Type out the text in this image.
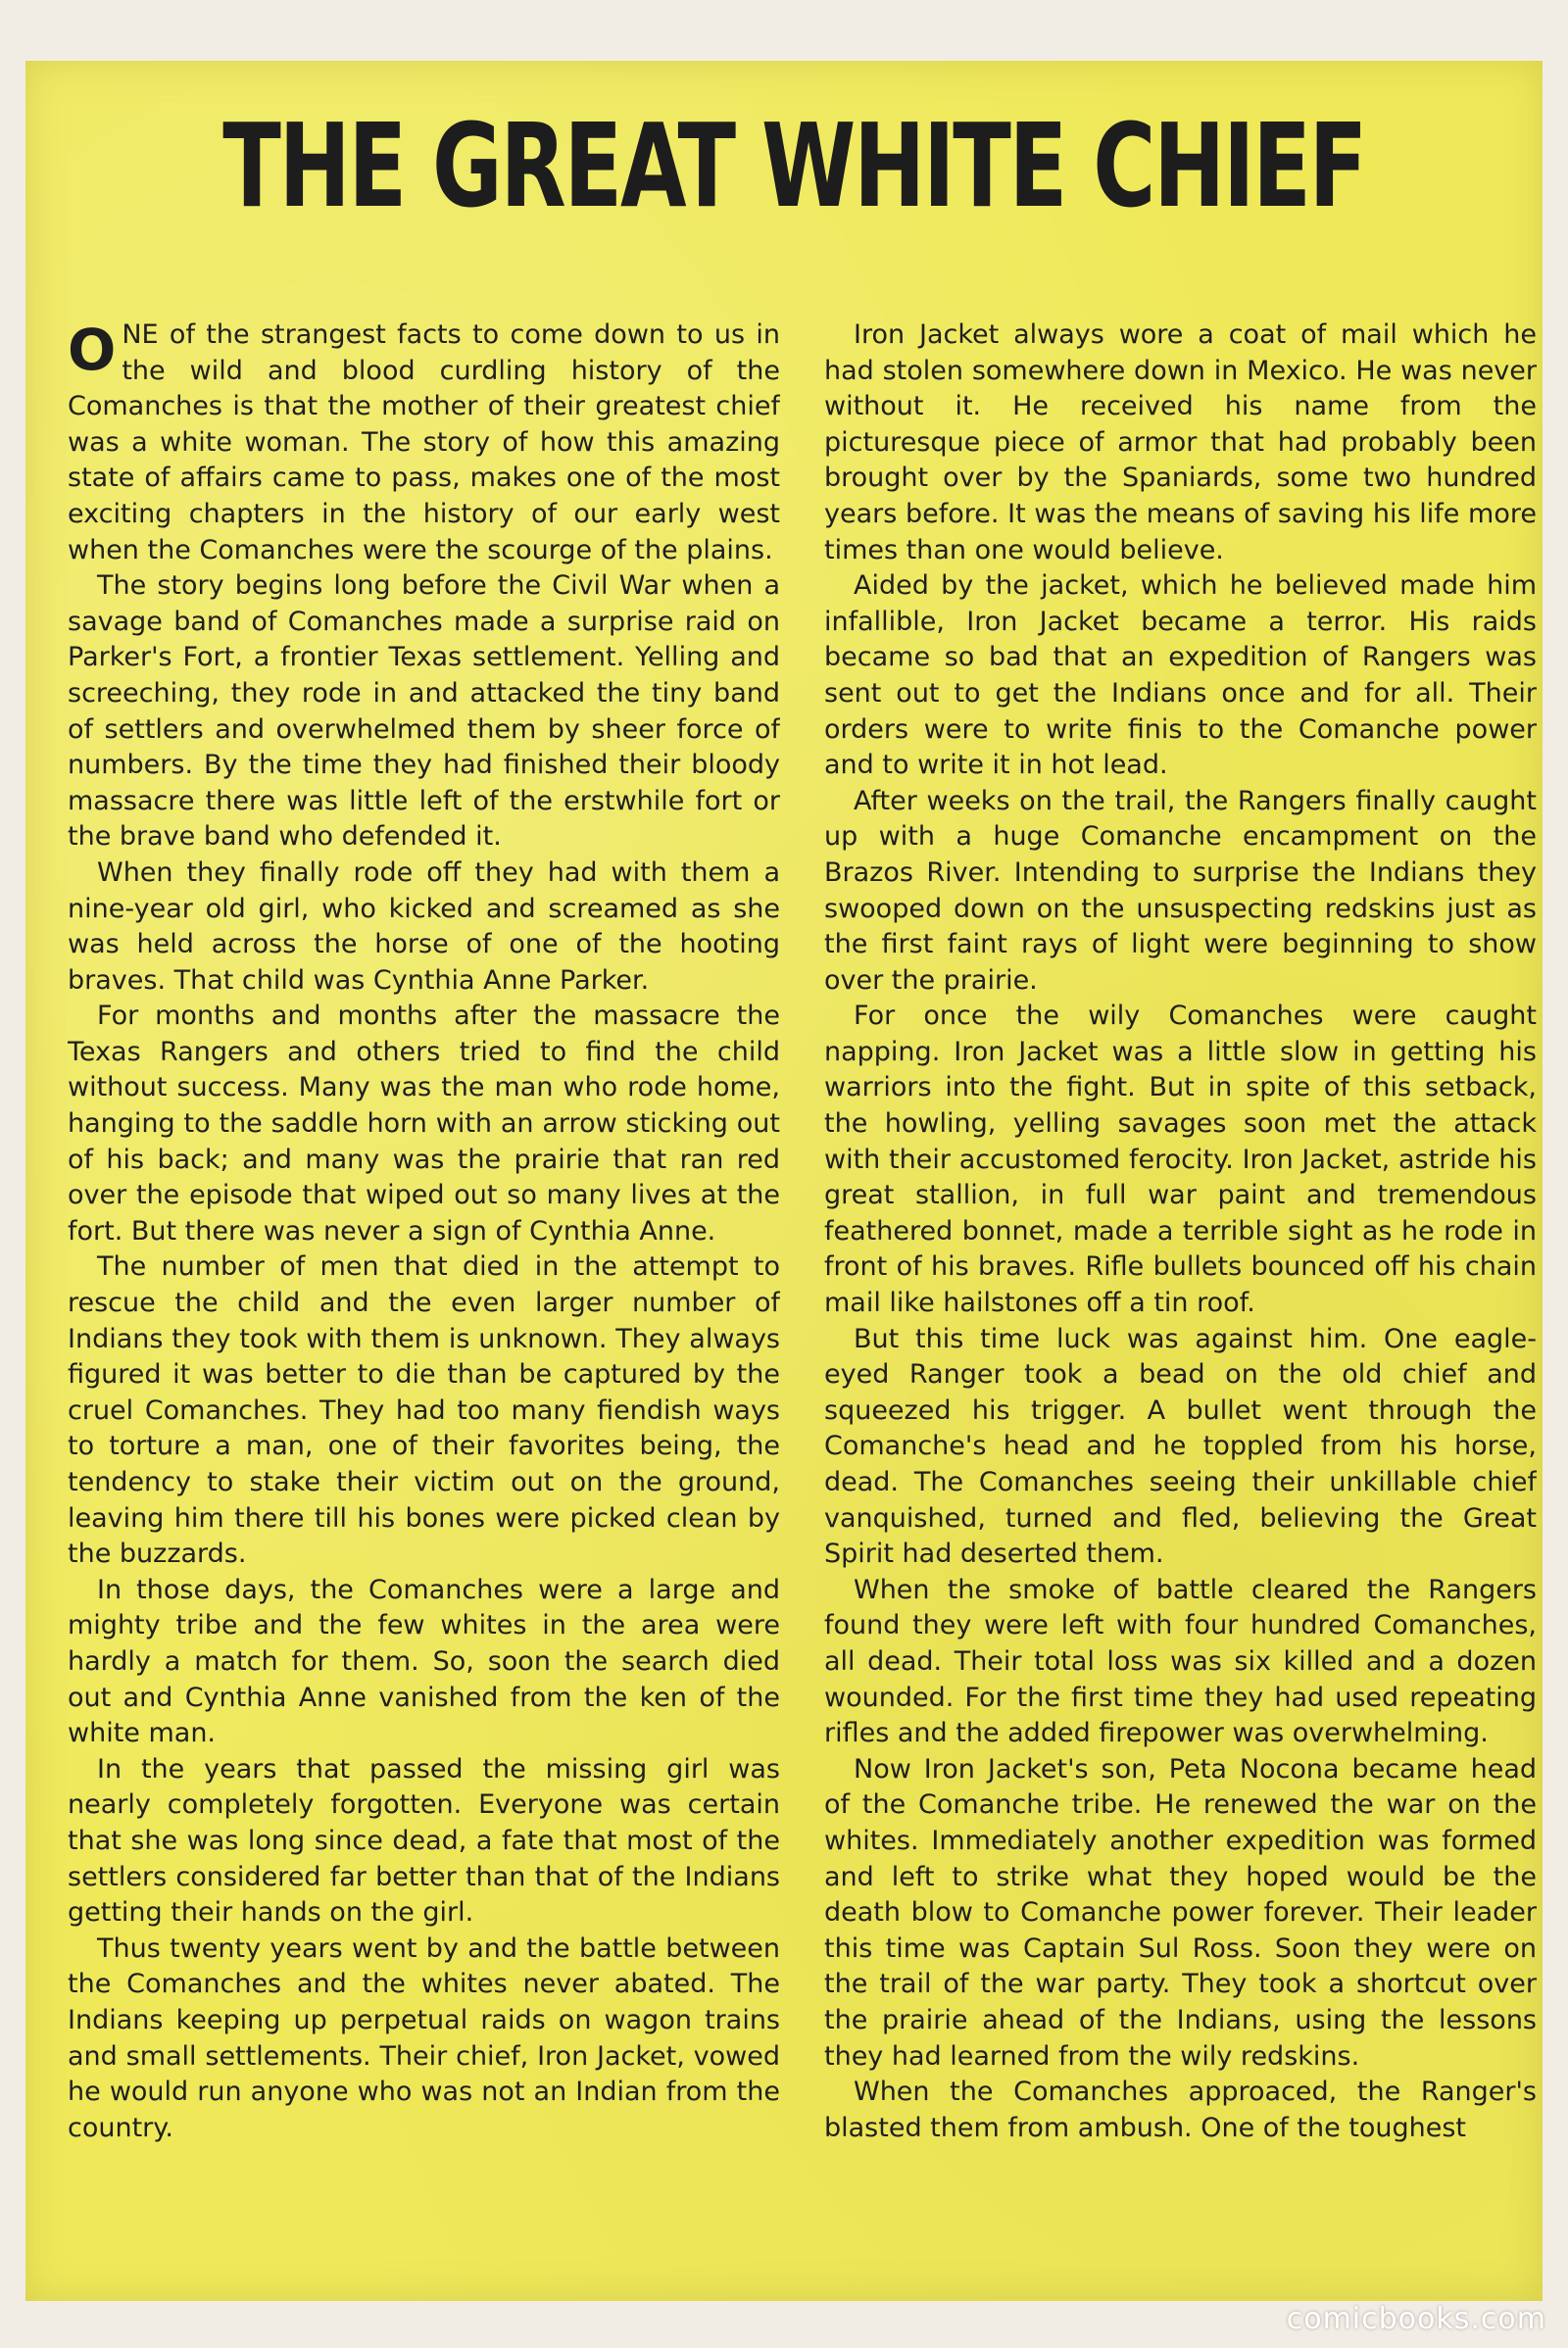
THE GREAT WHITE CHIEF

ONE of the strangest facts to come down to us in the wild and blood curdling history of the Comanches is that the mother of their greatest chief was a white woman. The story of how this amazing state of affairs came to pass, makes one of the most exciting chapters in the history of our early west when the Comanches were the scourge of the plains.

The story begins long before the Civil War when a savage band of Comanches made a surprise raid on Parker's Fort, a frontier Texas settlement. Yelling and screeching, they rode in and attacked the tiny band of settlers and overwhelmed them by sheer force of numbers. By the time they had finished their bloody massacre there was little left of the erstwhile fort or the brave band who defended it.

When they finally rode off they had with them a nine-year old girl, who kicked and screamed as she was held across the horse of one of the hooting braves. That child was Cynthia Anne Parker.

For months and months after the massacre the Texas Rangers and others tried to find the child without success. Many was the man who rode home, hanging to the saddle horn with an arrow sticking out of his back; and many was the prairie that ran red over the episode that wiped out so many lives at the fort. But there was never a sign of Cynthia Anne.

The number of men that died in the attempt to rescue the child and the even larger number of Indians they took with them is unknown. They always figured it was better to die than be captured by the cruel Comanches. They had too many fiendish ways to torture a man, one of their favorites being, the tendency to stake their victim out on the ground, leaving him there till his bones were picked clean by the buzzards.

In those days, the Comanches were a large and mighty tribe and the few whites in the area were hardly a match for them. So, soon the search died out and Cynthia Anne vanished from the ken of the white man.

In the years that passed the missing girl was nearly completely forgotten. Everyone was certain that she was long since dead, a fate that most of the settlers considered far better than that of the Indians getting their hands on the girl.

Thus twenty years went by and the battle between the Comanches and the whites never abated. The Indians keeping up perpetual raids on wagon trains and small settlements. Their chief, Iron Jacket, vowed he would run anyone who was not an Indian from the country.

Iron Jacket always wore a coat of mail which he had stolen somewhere down in Mexico. He was never without it. He received his name from the picturesque piece of armor that had probably been brought over by the Spaniards, some two hundred years before. It was the means of saving his life more times than one would believe.

Aided by the jacket, which he believed made him infallible, Iron Jacket became a terror. His raids became so bad that an expedition of Rangers was sent out to get the Indians once and for all. Their orders were to write finis to the Comanche power and to write it in hot lead.

After weeks on the trail, the Rangers finally caught up with a huge Comanche encampment on the Brazos River. Intending to surprise the Indians they swooped down on the unsuspecting redskins just as the first faint rays of light were beginning to show over the prairie.

For once the wily Comanches were caught napping. Iron Jacket was a little slow in getting his warriors into the fight. But in spite of this setback, the howling, yelling savages soon met the attack with their accustomed ferocity. Iron Jacket, astride his great stallion, in full war paint and tremendous feathered bonnet, made a terrible sight as he rode in front of his braves. Rifle bullets bounced off his chain mail like hailstones off a tin roof.

But this time luck was against him. One eagle-eyed Ranger took a bead on the old chief and squeezed his trigger. A bullet went through the Comanche's head and he toppled from his horse, dead. The Comanches seeing their unkillable chief vanquished, turned and fled, believing the Great Spirit had deserted them.

When the smoke of battle cleared the Rangers found they were left with four hundred Comanches, all dead. Their total loss was six killed and a dozen wounded. For the first time they had used repeating rifles and the added firepower was overwhelming.

Now Iron Jacket's son, Peta Nocona became head of the Comanche tribe. He renewed the war on the whites. Immediately another expedition was formed and left to strike what they hoped would be the death blow to Comanche power forever. Their leader this time was Captain Sul Ross. Soon they were on the trail of the war party. They took a shortcut over the prairie ahead of the Indians, using the lessons they had learned from the wily redskins.

When the Comanches approaced, the Ranger's blasted them from ambush. One of the toughest

comicbooks.com
